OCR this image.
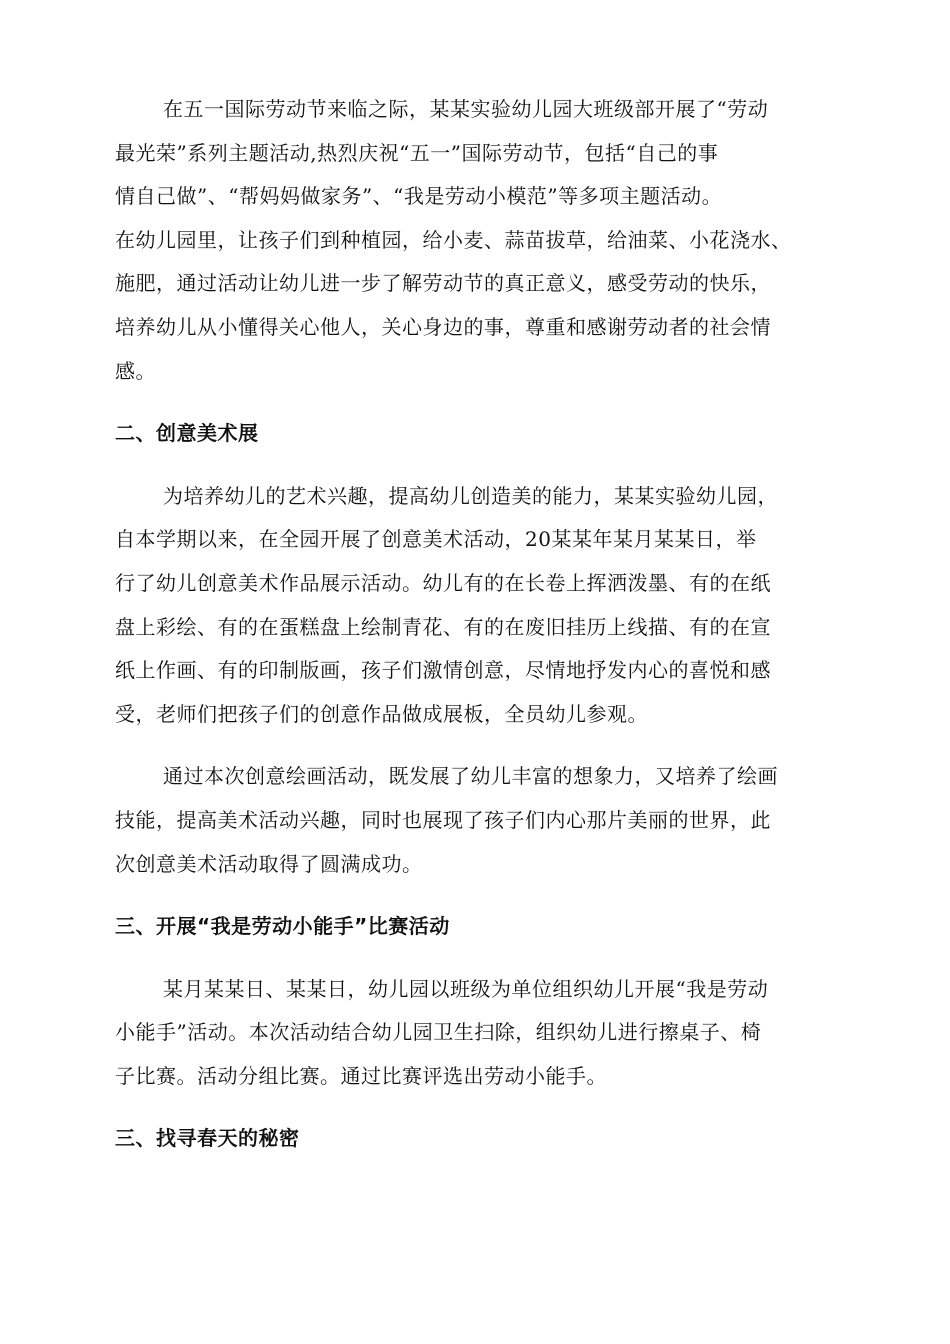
在五一国际劳动节来临之际，某某实验幼儿园大班级部开展了“劳动
最光荣”系列主题活动,热烈庆祝“五一”国际劳动节，包括“自己的事
情自己做”、“帮妈妈做家务”、“我是劳动小模范”等多项主题活动。
在幼儿园里，让孩子们到种植园，给小麦、蒜苗拔草，给油菜、小花浇水、
施肥，通过活动让幼儿进一步了解劳动节的真正意义，感受劳动的快乐，
培养幼儿从小懂得关心他人，关心身边的事，尊重和感谢劳动者的社会情
感。
二、创意美术展
为培养幼儿的艺术兴趣，提高幼儿创造美的能力，某某实验幼儿园，
自本学期以来，在全园开展了创意美术活动，20某某年某月某某日，举
行了幼儿创意美术作品展示活动。幼儿有的在长卷上挥洒泼墨、有的在纸
盘上彩绘、有的在蛋糕盘上绘制青花、有的在废旧挂历上线描、有的在宣
纸上作画、有的印制版画，孩子们激情创意，尽情地抒发内心的喜悦和感
受，老师们把孩子们的创意作品做成展板，全员幼儿参观。
通过本次创意绘画活动，既发展了幼儿丰富的想象力，又培养了绘画
技能，提高美术活动兴趣，同时也展现了孩子们内心那片美丽的世界，此
次创意美术活动取得了圆满成功。
三、开展“我是劳动小能手”比赛活动
某月某某日、某某日，幼儿园以班级为单位组织幼儿开展“我是劳动
小能手”活动。本次活动结合幼儿园卫生扫除，组织幼儿进行擦桌子、椅
子比赛。活动分组比赛。通过比赛评选出劳动小能手。
三、找寻春天的秘密
